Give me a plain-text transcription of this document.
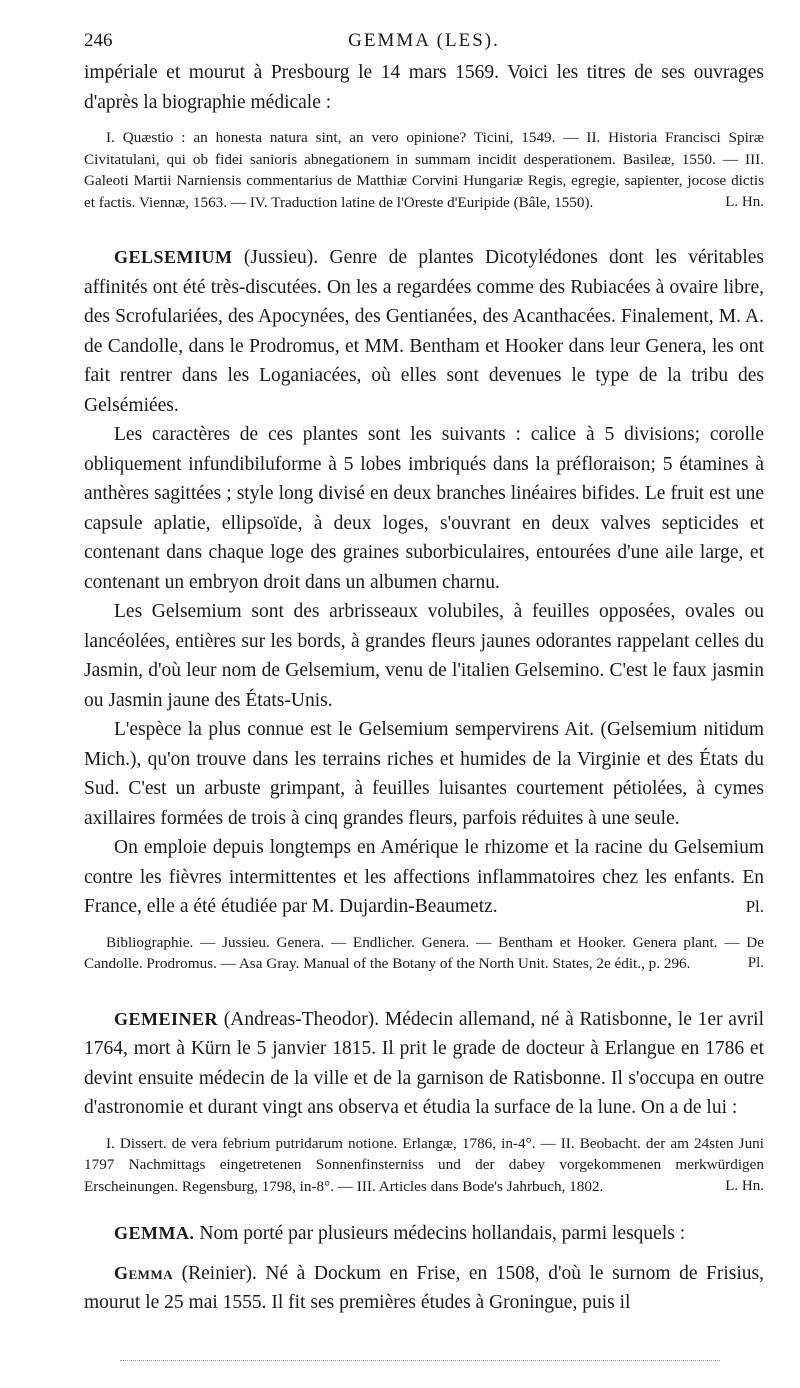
246	GEMMA (LES).

impériale et mourut à Presbourg le 14 mars 1569. Voici les titres de ses ouvrages d'après la biographie médicale :

I. Quæstio : an honesta natura sint, an vero opinione? Ticini, 1549. — II. Historia Francisci Spiræ Civitatulani, qui ob fidei sanioris abnegationem in summam incidit desperationem. Basileæ, 1550. — III. Galeoti Martii Narniensis commentarius de Matthiæ Corvini Hungariæ Regis, egregie, sapienter, jocose dictis et factis. Viennæ, 1563. — IV. Traduction latine de l'Oreste d'Euripide (Bâle, 1550).	L. Hn.

GELSEMIUM (Jussieu). Genre de plantes Dicotylédones dont les véritables affinités ont été très-discutées. On les a regardées comme des Rubiacées à ovaire libre, des Scrofulariées, des Apocynées, des Gentianées, des Acanthacées. Finalement, M. A. de Candolle, dans le Prodromus, et MM. Bentham et Hooker dans leur Genera, les ont fait rentrer dans les Loganiacées, où elles sont devenues le type de la tribu des Gelsémiées.

Les caractères de ces plantes sont les suivants : calice à 5 divisions; corolle obliquement infundibiluforme à 5 lobes imbriqués dans la préfloraison; 5 étamines à anthères sagittées ; style long divisé en deux branches linéaires bifides. Le fruit est une capsule aplatie, ellipsoïde, à deux loges, s'ouvrant en deux valves septicides et contenant dans chaque loge des graines suborbiculaires, entourées d'une aile large, et contenant un embryon droit dans un albumen charnu.

Les Gelsemium sont des arbrisseaux volubiles, à feuilles opposées, ovales ou lancéolées, entières sur les bords, à grandes fleurs jaunes odorantes rappelant celles du Jasmin, d'où leur nom de Gelsemium, venu de l'italien Gelsemino. C'est le faux jasmin ou Jasmin jaune des États-Unis.

L'espèce la plus connue est le Gelsemium sempervirens Ait. (Gelsemium nitidum Mich.), qu'on trouve dans les terrains riches et humides de la Virginie et des États du Sud. C'est un arbuste grimpant, à feuilles luisantes courtement pétiolées, à cymes axillaires formées de trois à cinq grandes fleurs, parfois réduites à une seule.

On emploie depuis longtemps en Amérique le rhizome et la racine du Gelsemium contre les fièvres intermittentes et les affections inflammatoires chez les enfants. En France, elle a été étudiée par M. Dujardin-Beaumetz.	Pl.

Bibliographie. — Jussieu. Genera. — Endlicher. Genera. — Bentham et Hooker. Genera plant. — De Candolle. Prodromus. — Asa Gray. Manual of the Botany of the North Unit. States, 2e édit., p. 296.	Pl.

GEMEINER (Andreas-Theodor). Médecin allemand, né à Ratisbonne, le 1er avril 1764, mort à Kürn le 5 janvier 1815. Il prit le grade de docteur à Erlangue en 1786 et devint ensuite médecin de la ville et de la garnison de Ratisbonne. Il s'occupa en outre d'astronomie et durant vingt ans observa et étudia la surface de la lune. On a de lui :

I. Dissert. de vera febrium putridarum notione. Erlangæ, 1786, in-4°. — II. Beobacht. der am 24sten Juni 1797 Nachmittags eingetretenen Sonnenfinsterniss und der dabey vorgekommenen merkwürdigen Erscheinungen. Regensburg, 1798, in-8°. — III. Articles dans Bode's Jahrbuch, 1802.	L. Hn.

GEMMA. Nom porté par plusieurs médecins hollandais, parmi lesquels :

Gemma (Reinier). Né à Dockum en Frise, en 1508, d'où le surnom de Frisius, mourut le 25 mai 1555. Il fit ses premières études à Groningue, puis il
